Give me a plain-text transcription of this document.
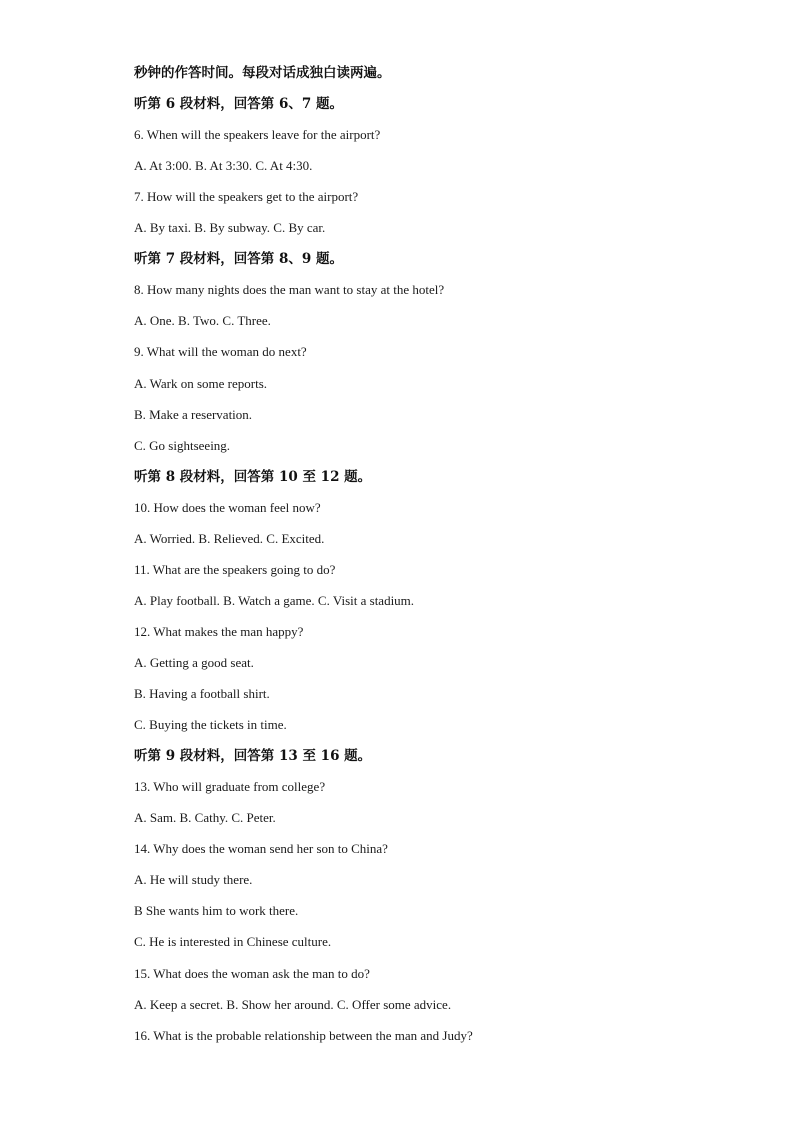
秒钟的作答时间。每段对话成独白读两遍。
听第 6 段材料，回答第 6、7 题。
6. When will the speakers leave for the airport?
A. At 3:00. B. At 3:30. C. At 4:30.
7. How will the speakers get to the airport?
A. By taxi. B. By subway. C. By car.
听第 7 段材料，回答第 8、9 题。
8. How many nights does the man want to stay at the hotel?
A. One. B. Two. C. Three.
9. What will the woman do next?
A. Wark on some reports.
B. Make a reservation.
C. Go sightseeing.
听第 8 段材料，回答第 10 至 12 题。
10. How does the woman feel now?
A. Worried. B. Relieved. C. Excited.
11. What are the speakers going to do?
A. Play football. B. Watch a game. C. Visit a stadium.
12. What makes the man happy?
A. Getting a good seat.
B. Having a football shirt.
C. Buying the tickets in time.
听第 9 段材料，回答第 13 至 16 题。
13. Who will graduate from college?
A. Sam. B. Cathy. C. Peter.
14. Why does the woman send her son to China?
A. He will study there.
B She wants him to work there.
C. He is interested in Chinese culture.
15. What does the woman ask the man to do?
A. Keep a secret. B. Show her around. C. Offer some advice.
16. What is the probable relationship between the man and Judy?
